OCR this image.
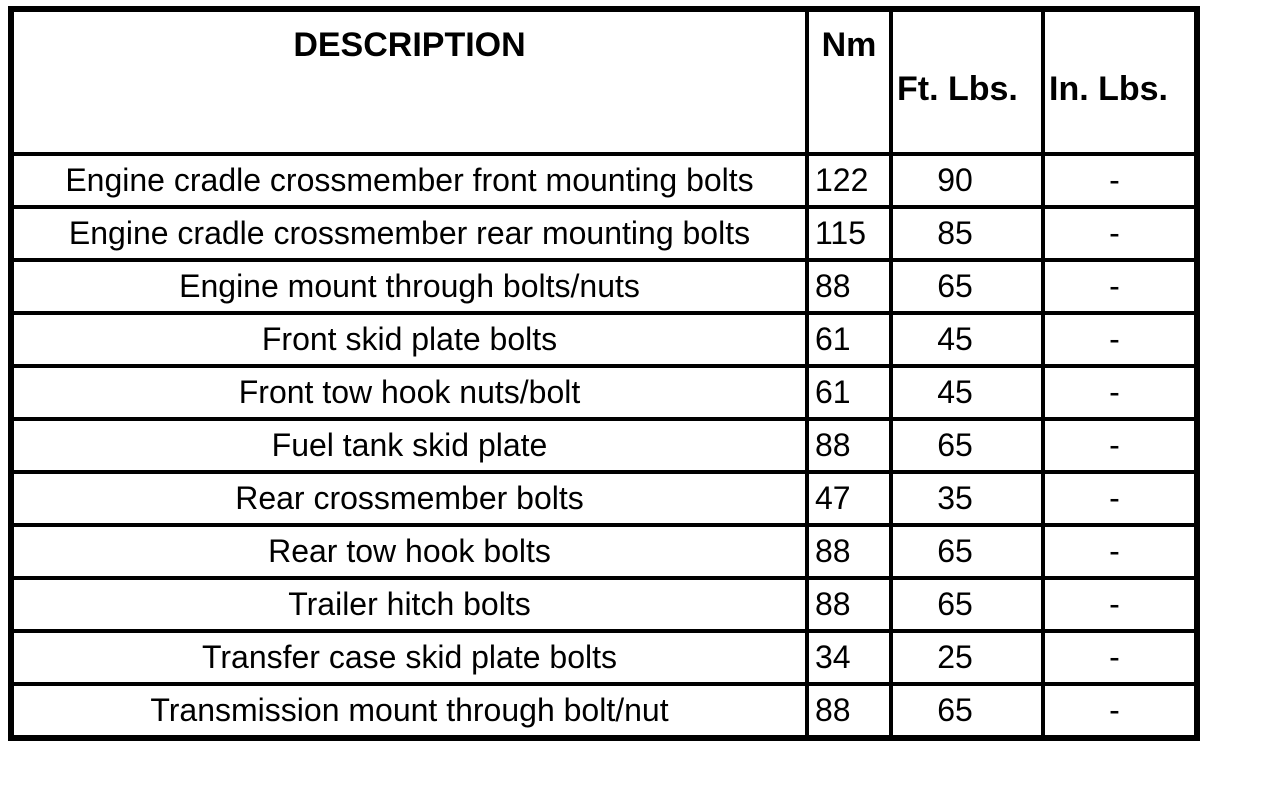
DESCRIPTION	Nm	Ft. Lbs.	In. Lbs.

Engine cradle crossmember front mounting bolts	122	90	-
Engine cradle crossmember rear mounting bolts	115	85	-
Engine mount through bolts/nuts	88	65	-
Front skid plate bolts	61	45	-
Front tow hook nuts/bolt	61	45	-
Fuel tank skid plate	88	65	-
Rear crossmember bolts	47	35	-
Rear tow hook bolts	88	65	-
Trailer hitch bolts	88	65	-
Transfer case skid plate bolts	34	25	-
Transmission mount through bolt/nut	88	65	-
